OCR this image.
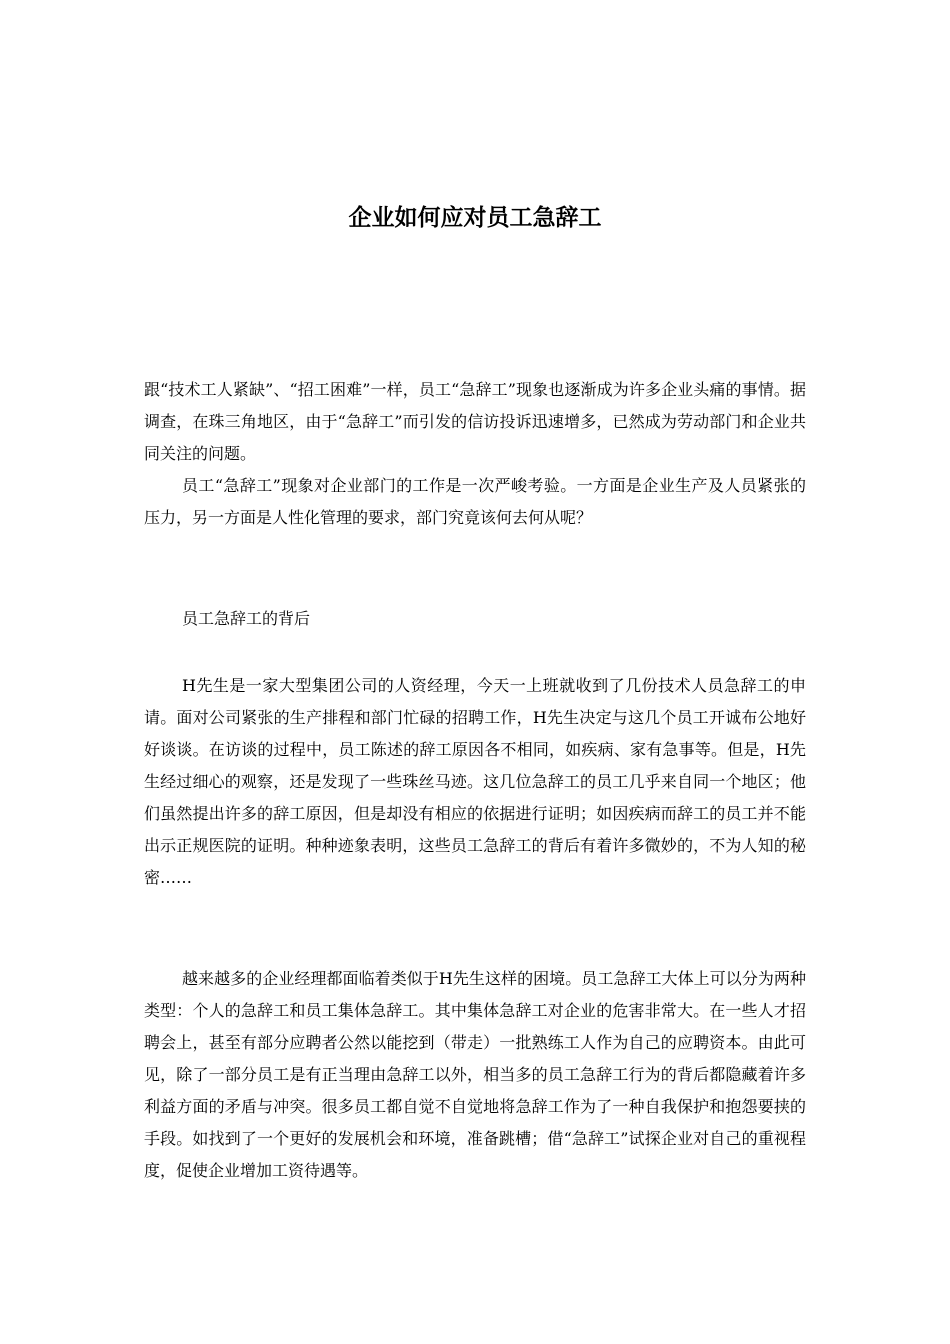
企业如何应对员工急辞工

跟“技术工人紧缺”、“招工困难”一样，员工“急辞工”现象也逐渐成为许多企业头痛的事情。据调查，在珠三角地区，由于“急辞工”而引发的信访投诉迅速增多，已然成为劳动部门和企业共同关注的问题。

员工“急辞工”现象对企业部门的工作是一次严峻考验。一方面是企业生产及人员紧张的压力，另一方面是人性化管理的要求，部门究竟该何去何从呢？

员工急辞工的背后

H先生是一家大型集团公司的人资经理，今天一上班就收到了几份技术人员急辞工的申请。面对公司紧张的生产排程和部门忙碌的招聘工作，H先生决定与这几个员工开诚布公地好好谈谈。在访谈的过程中，员工陈述的辞工原因各不相同，如疾病、家有急事等。但是，H先生经过细心的观察，还是发现了一些珠丝马迹。这几位急辞工的员工几乎来自同一个地区；他们虽然提出许多的辞工原因，但是却没有相应的依据进行证明；如因疾病而辞工的员工并不能出示正规医院的证明。种种迹象表明，这些员工急辞工的背后有着许多微妙的，不为人知的秘密……

越来越多的企业经理都面临着类似于H先生这样的困境。员工急辞工大体上可以分为两种类型：个人的急辞工和员工集体急辞工。其中集体急辞工对企业的危害非常大。在一些人才招聘会上，甚至有部分应聘者公然以能挖到（带走）一批熟练工人作为自己的应聘资本。由此可见，除了一部分员工是有正当理由急辞工以外，相当多的员工急辞工行为的背后都隐藏着许多利益方面的矛盾与冲突。很多员工都自觉不自觉地将急辞工作为了一种自我保护和抱怨要挟的手段。如找到了一个更好的发展机会和环境，准备跳槽；借“急辞工”试探企业对自己的重视程度，促使企业增加工资待遇等。
